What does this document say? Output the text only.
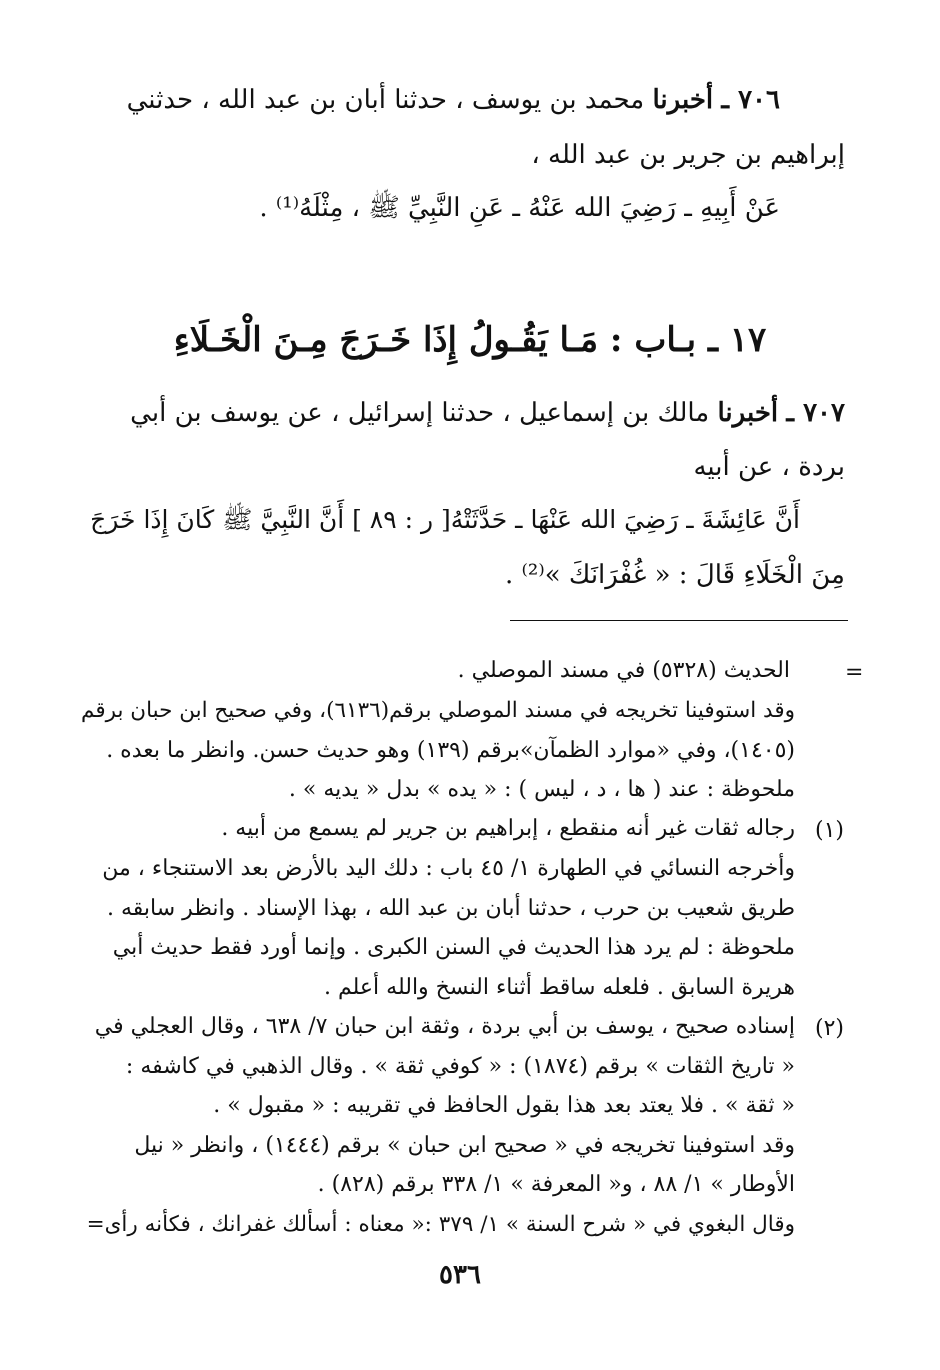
٧٠٦ ـ أخبرنا محمد بن يوسف ، حدثنا أبان بن عبد الله ، حدثني
إبراهيم بن جرير بن عبد الله ،
عَنْ أَبِيهِ ـ رَضِيَ الله عَنْهُ ـ عَنِ النَّبِيِّ ﷺ ، مِثْلَهُ⁽¹⁾ .
١٧ ـ بـاب : مَـا يَقُـولُ إِذَا خَـرَجَ مِـنَ الْخَـلَاءِ
٧٠٧ ـ أخبرنا مالك بن إسماعيل ، حدثنا إسرائيل ، عن يوسف بن أبي
بردة ، عن أبيه
أَنَّ عَائِشَةَ ـ رَضِيَ الله عَنْهَا ـ حَدَّثَتْهُ[ ر : ٨٩ ] أَنَّ النَّبِيَّ ﷺ كَانَ إِذَا خَرَجَ
مِنَ الْخَلَاءِ قَالَ : « غُفْرَانَكَ »⁽²⁾ .
=
الحديث (٥٣٢٨) في مسند الموصلي .
وقد استوفينا تخريجه في مسند الموصلي برقم(٦١٣٦)، وفي صحيح ابن حبان برقم
(١٤٠٥)، وفي «موارد الظمآن»برقم (١٣٩) وهو حديث حسن. وانظر ما بعده .
ملحوظة : عند ( ها ، د ، ليس ) : « يده » بدل « يديه » .
(١)
رجاله ثقات غير أنه منقطع ، إبراهيم بن جرير لم يسمع من أبيه .
وأخرجه النسائي في الطهارة ١/ ٤٥ باب : دلك اليد بالأرض بعد الاستنجاء ، من
طريق شعيب بن حرب ، حدثنا أبان بن عبد الله ، بهذا الإسناد . وانظر سابقه .
ملحوظة : لم يرد هذا الحديث في السنن الكبرى . وإنما أورد فقط حديث أبي
هريرة السابق . فلعله ساقط أثناء النسخ والله أعلم .
(٢)
إسناده صحيح ، يوسف بن أبي بردة ، وثقة ابن حبان ٧/ ٦٣٨ ، وقال العجلي في
« تاريخ الثقات » برقم (١٨٧٤) : « كوفي ثقة » . وقال الذهبي في كاشفه :
« ثقة » . فلا يعتد بعد هذا بقول الحافظ في تقريبه : « مقبول » .
وقد استوفينا تخريجه في « صحيح ابن حبان » برقم (١٤٤٤) ، وانظر « نيل
الأوطار » ١/ ٨٨ ، و« المعرفة » ١/ ٣٣٨ برقم (٨٢٨) .
وقال البغوي في « شرح السنة » ١/ ٣٧٩ :« معناه : أسألك غفرانك ، فكأنه رأى=
٥٣٦
